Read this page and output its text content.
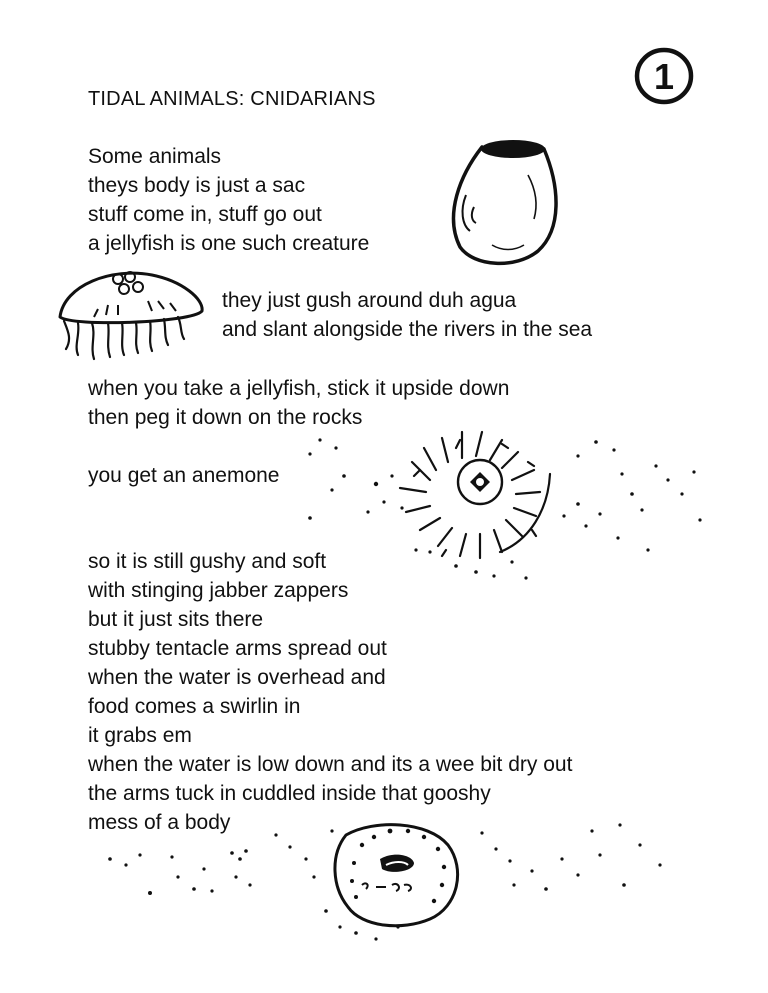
TIDAL ANIMALS: CNIDARIANS
1
Some animals
theys body is just a sac
stuff come in, stuff go out
a jellyfish is one such creature
they just gush around duh agua
and slant alongside the rivers in the sea
when you take a jellyfish, stick it upside down
then peg it down on the rocks
you get an anemone
so it is still gushy and soft
with stinging jabber zappers
but it just sits there
stubby tentacle arms spread out
when the water is overhead and
food comes a swirlin in
it grabs em
when the water is low down and its a wee bit dry out
the arms tuck in cuddled inside that gooshy
mess of a body
